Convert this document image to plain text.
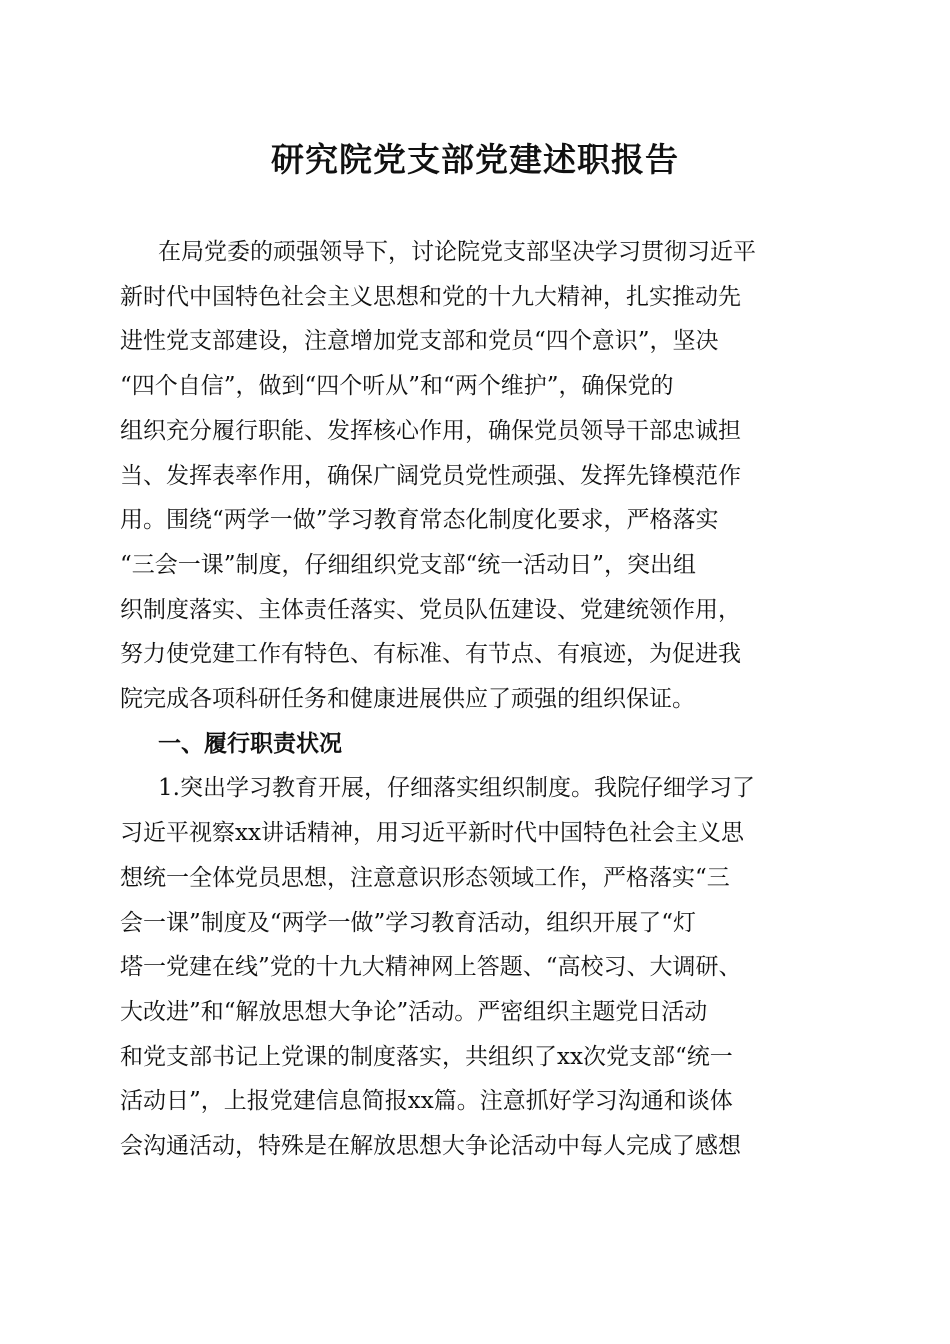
研究院党支部党建述职报告

在局党委的顽强领导下，讨论院党支部坚决学习贯彻习近平

新时代中国特色社会主义思想和党的十九大精神，扎实推动先

进性党支部建设，注意增加党支部和党员“四个意识”，坚决

“四个自信”，做到“四个听从”和“两个维护”，确保党的

组织充分履行职能、发挥核心作用，确保党员领导干部忠诚担

当、发挥表率作用，确保广阔党员党性顽强、发挥先锋模范作

用。围绕“两学一做”学习教育常态化制度化要求，严格落实

“三会一课”制度，仔细组织党支部“统一活动日”，突出组

织制度落实、主体责任落实、党员队伍建设、党建统领作用，

努力使党建工作有特色、有标准、有节点、有痕迹，为促进我

院完成各项科研任务和健康进展供应了顽强的组织保证。

一、履行职责状况

1.突出学习教育开展，仔细落实组织制度。我院仔细学习了

习近平视察xx讲话精神，用习近平新时代中国特色社会主义思

想统一全体党员思想，注意意识形态领域工作，严格落实“三

会一课”制度及“两学一做”学习教育活动，组织开展了“灯

塔一党建在线”党的十九大精神网上答题、“高校习、大调研、

大改进”和“解放思想大争论”活动。严密组织主题党日活动

和党支部书记上党课的制度落实，共组织了xx次党支部“统一

活动日”，上报党建信息简报xx篇。注意抓好学习沟通和谈体

会沟通活动，特殊是在解放思想大争论活动中每人完成了感想
